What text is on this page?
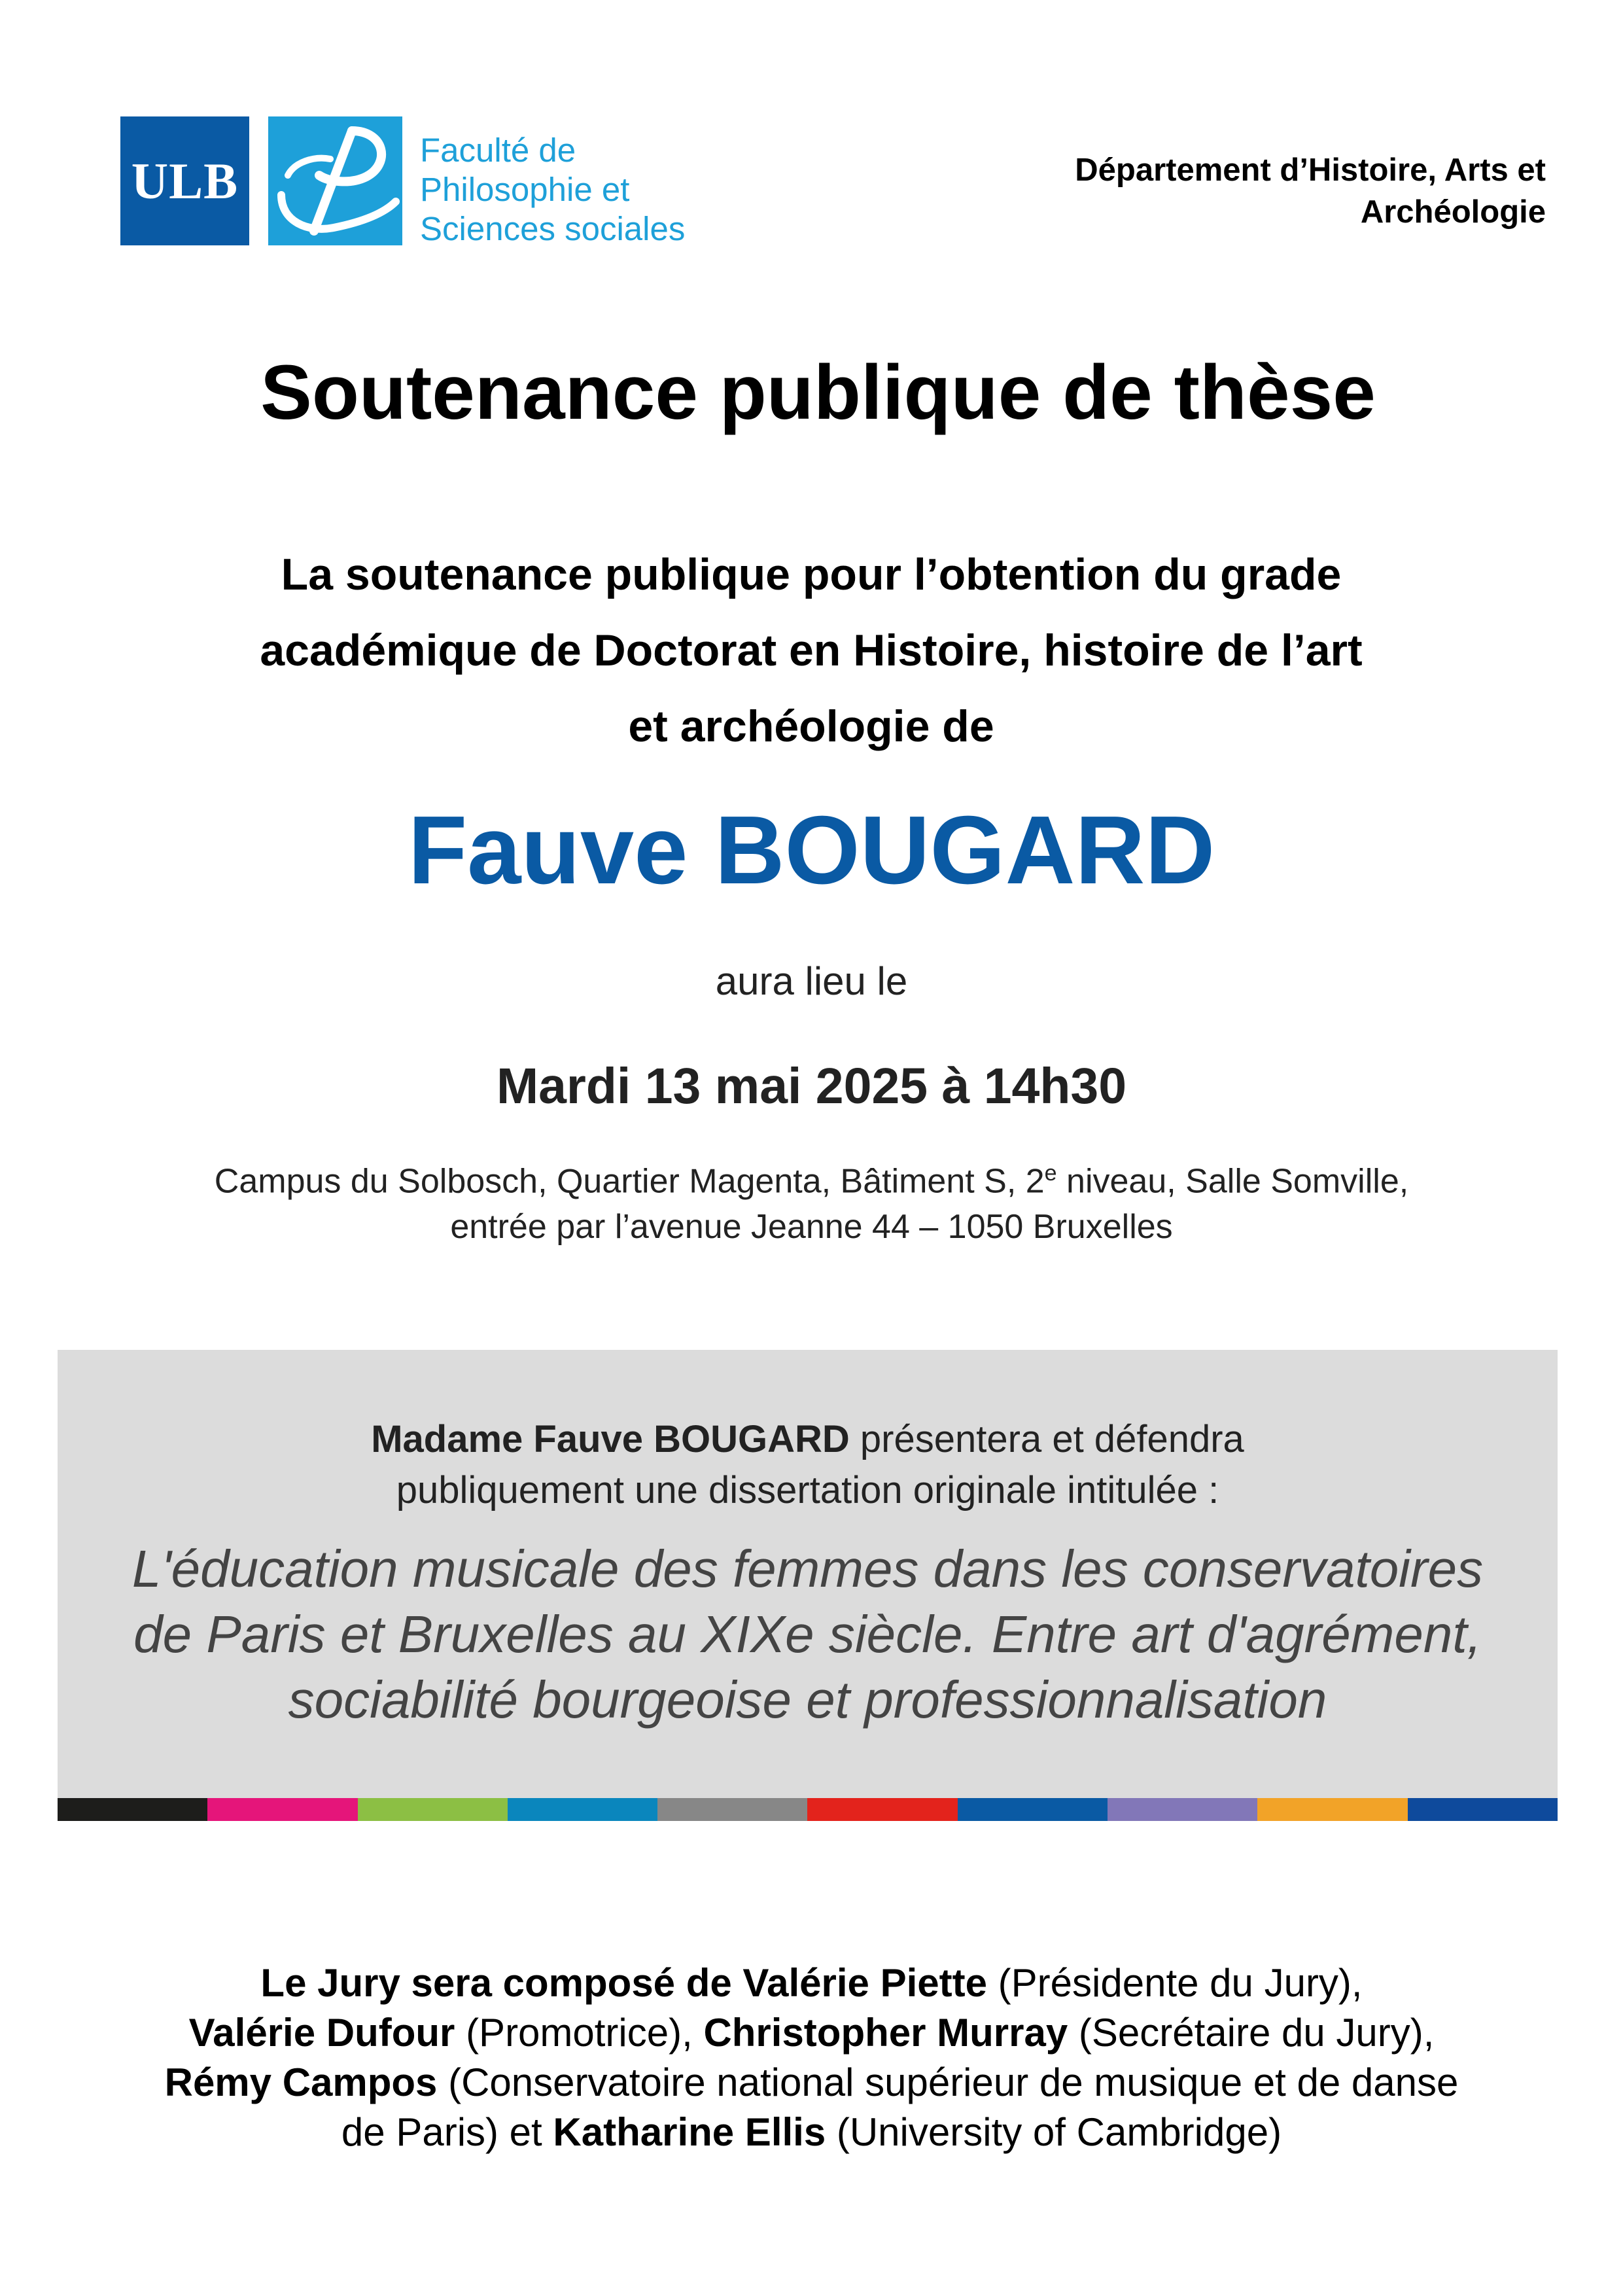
ULB
Faculté de
Philosophie et
Sciences sociales
Département d’Histoire, Arts et
Archéologie
Soutenance publique de thèse
La soutenance publique pour l’obtention du grade
académique de Doctorat en Histoire, histoire de l’art
et archéologie de
Fauve BOUGARD
aura lieu le
Mardi 13 mai 2025 à 14h30
Campus du Solbosch, Quartier Magenta, Bâtiment S, 2e niveau, Salle Somville,
entrée par l’avenue Jeanne 44 – 1050 Bruxelles
Madame Fauve BOUGARD présentera et défendra
publiquement une dissertation originale intitulée :
L'éducation musicale des femmes dans les conservatoires
de Paris et Bruxelles au XIXe siècle. Entre art d'agrément,
sociabilité bourgeoise et professionnalisation
Le Jury sera composé de Valérie Piette (Présidente du Jury),
Valérie Dufour (Promotrice), Christopher Murray (Secrétaire du Jury),
Rémy Campos (Conservatoire national supérieur de musique et de danse
de Paris) et Katharine Ellis (University of Cambridge)
